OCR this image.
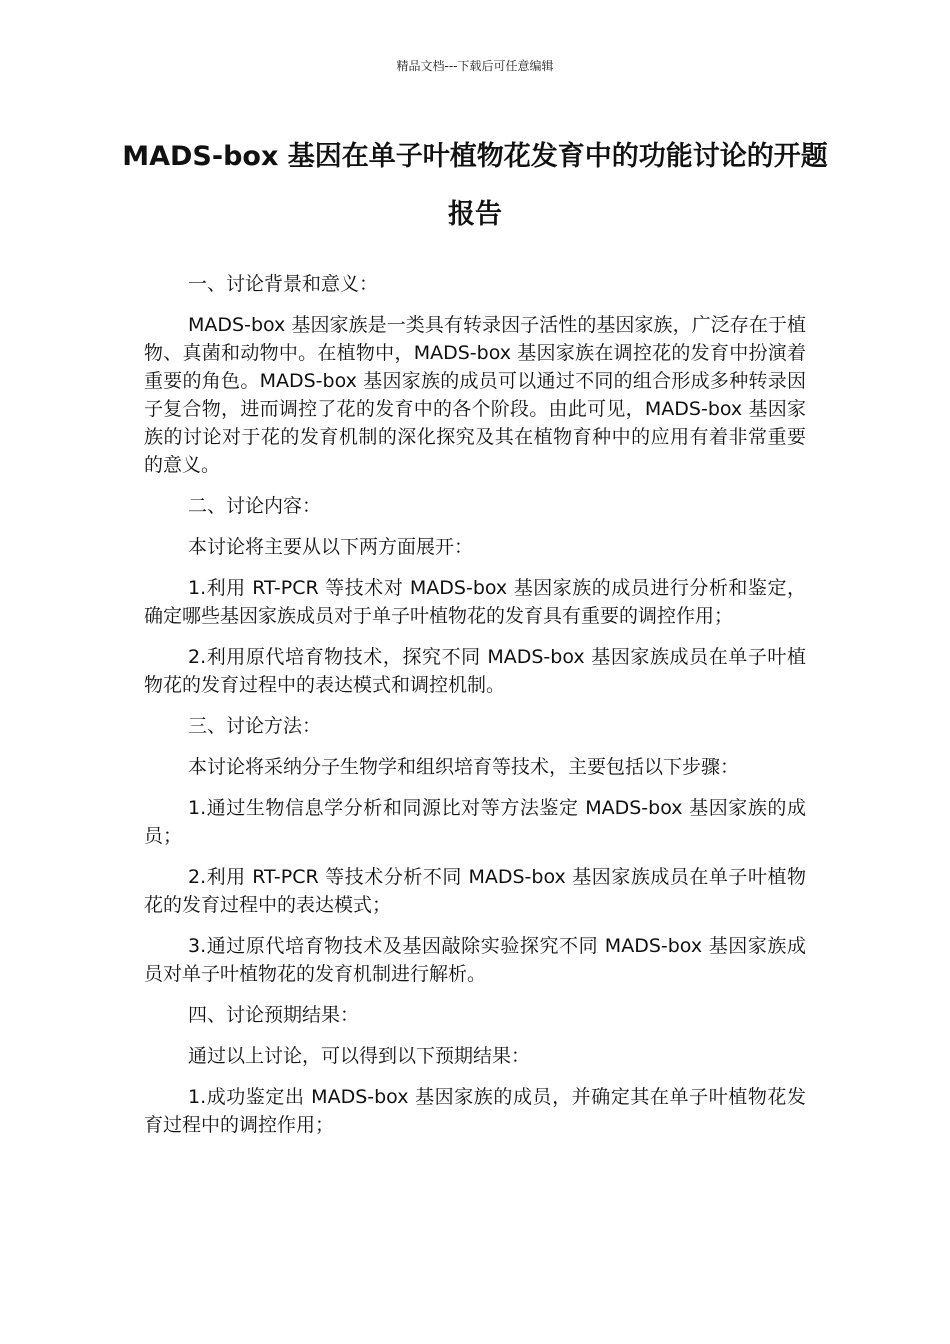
精品文档---下载后可任意编辑
MADS-box 基因在单子叶植物花发育中的功能讨论的开题报告

一、讨论背景和意义：

MADS-box 基因家族是一类具有转录因子活性的基因家族，广泛存在于植物、真菌和动物中。在植物中，MADS-box 基因家族在调控花的发育中扮演着重要的角色。MADS-box 基因家族的成员可以通过不同的组合形成多种转录因子复合物，进而调控了花的发育中的各个阶段。由此可见，MADS-box 基因家族的讨论对于花的发育机制的深化探究及其在植物育种中的应用有着非常重要的意义。

二、讨论内容：

本讨论将主要从以下两方面展开：

1.利用 RT-PCR 等技术对 MADS-box 基因家族的成员进行分析和鉴定，确定哪些基因家族成员对于单子叶植物花的发育具有重要的调控作用；

2.利用原代培育物技术，探究不同 MADS-box 基因家族成员在单子叶植物花的发育过程中的表达模式和调控机制。

三、讨论方法：

本讨论将采纳分子生物学和组织培育等技术，主要包括以下步骤：

1.通过生物信息学分析和同源比对等方法鉴定 MADS-box 基因家族的成员；

2.利用 RT-PCR 等技术分析不同 MADS-box 基因家族成员在单子叶植物花的发育过程中的表达模式；

3.通过原代培育物技术及基因敲除实验探究不同 MADS-box 基因家族成员对单子叶植物花的发育机制进行解析。

四、讨论预期结果：

通过以上讨论，可以得到以下预期结果：

1.成功鉴定出 MADS-box 基因家族的成员，并确定其在单子叶植物花发育过程中的调控作用；
